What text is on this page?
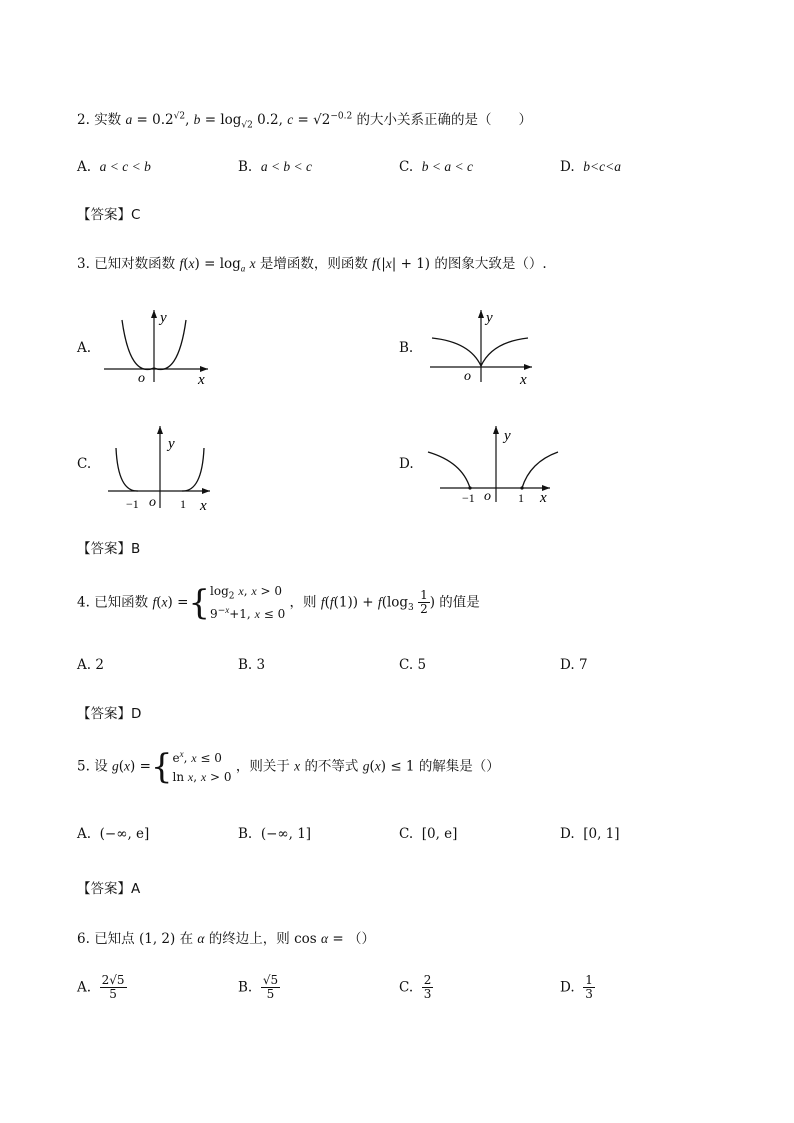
2. 实数 $a = 0.2^{√2}$, $b = \log_{√2} 0.2$, $c = √2^{-0.2}$ 的大小关系正确的是（　　）
A. a < c < b	B. a < b < c	C. b < a < c	D. b<c<a
【答案】C
3. 已知对数函数 $f(x) = \log_a x$ 是增函数，则函数 f(|x| + 1) 的图象大致是（）.
A.
y
x
o
B.
y
x
o
C.
y
x
o
−1	1
D.
y
x
o
−1	1
【答案】B
4. 已知函数 $f(x) =\{\log_2$ x, x > 0
$9^{-x}+1$, x ≤ 0 ，则 $f(f(1)) + f(\log_3 \frac{1}{2}$ ) 的值是
A. 2	B. 3	C. 5	D. 7
【答案】D
5. 设 $g(x) =\{e^x$, x ≤ 0
ln x, x > 0 ，则关于 x 的不等式 g(x) ≤ 1 的解集是（）
A. (−∞, e]	B. (−∞, 1]	C. [0, e]	D. [0, 1]
【答案】A
6. 已知点 (1, 2) 在 α 的终边上，则 cos α = （）
A. $\frac{2√5}{5}$	B. $\frac{√5}{5}$	C. $\frac{2}{3}$	D. $\frac{1}{3}$
